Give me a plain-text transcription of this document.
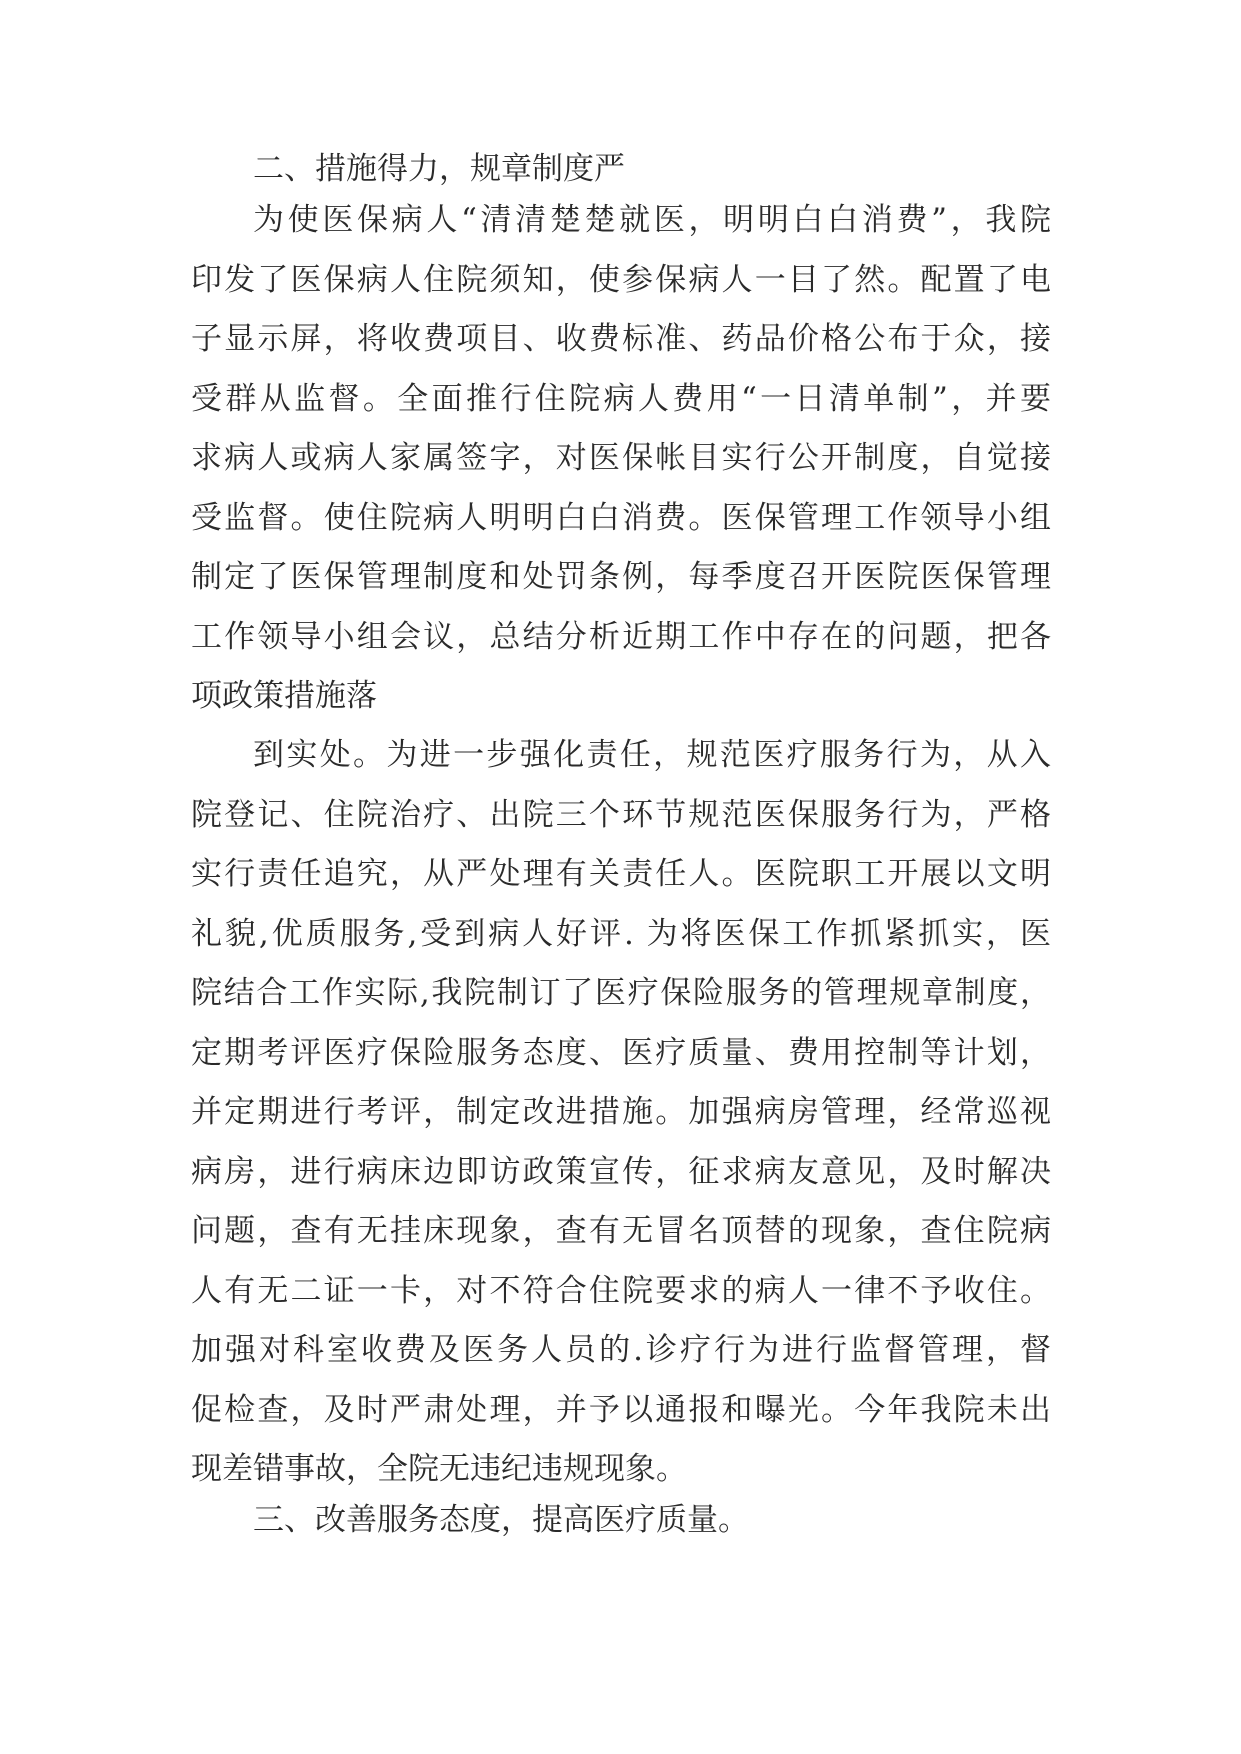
二、措施得力，规章制度严
为使医保病人“清清楚楚就医，明明白白消费”，我院
印发了医保病人住院须知，使参保病人一目了然。配置了电
子显示屏，将收费项目、收费标准、药品价格公布于众，接
受群从监督。全面推行住院病人费用“一日清单制”，并要
求病人或病人家属签字，对医保帐目实行公开制度，自觉接
受监督。使住院病人明明白白消费。医保管理工作领导小组
制定了医保管理制度和处罚条例，每季度召开医院医保管理
工作领导小组会议，总结分析近期工作中存在的问题，把各
项政策措施落
到实处。为进一步强化责任，规范医疗服务行为，从入
院登记、住院治疗、出院三个环节规范医保服务行为，严格
实行责任追究，从严处理有关责任人。医院职工开展以文明
礼貌,优质服务,受到病人好评. 为将医保工作抓紧抓实，医
院结合工作实际,我院制订了医疗保险服务的管理规章制度，
定期考评医疗保险服务态度、医疗质量、费用控制等计划，
并定期进行考评，制定改进措施。加强病房管理，经常巡视
病房，进行病床边即访政策宣传，征求病友意见，及时解决
问题，查有无挂床现象，查有无冒名顶替的现象，查住院病
人有无二证一卡，对不符合住院要求的病人一律不予收住。
加强对科室收费及医务人员的.诊疗行为进行监督管理，督
促检查，及时严肃处理，并予以通报和曝光。今年我院未出
现差错事故，全院无违纪违规现象。
三、改善服务态度，提高医疗质量。
